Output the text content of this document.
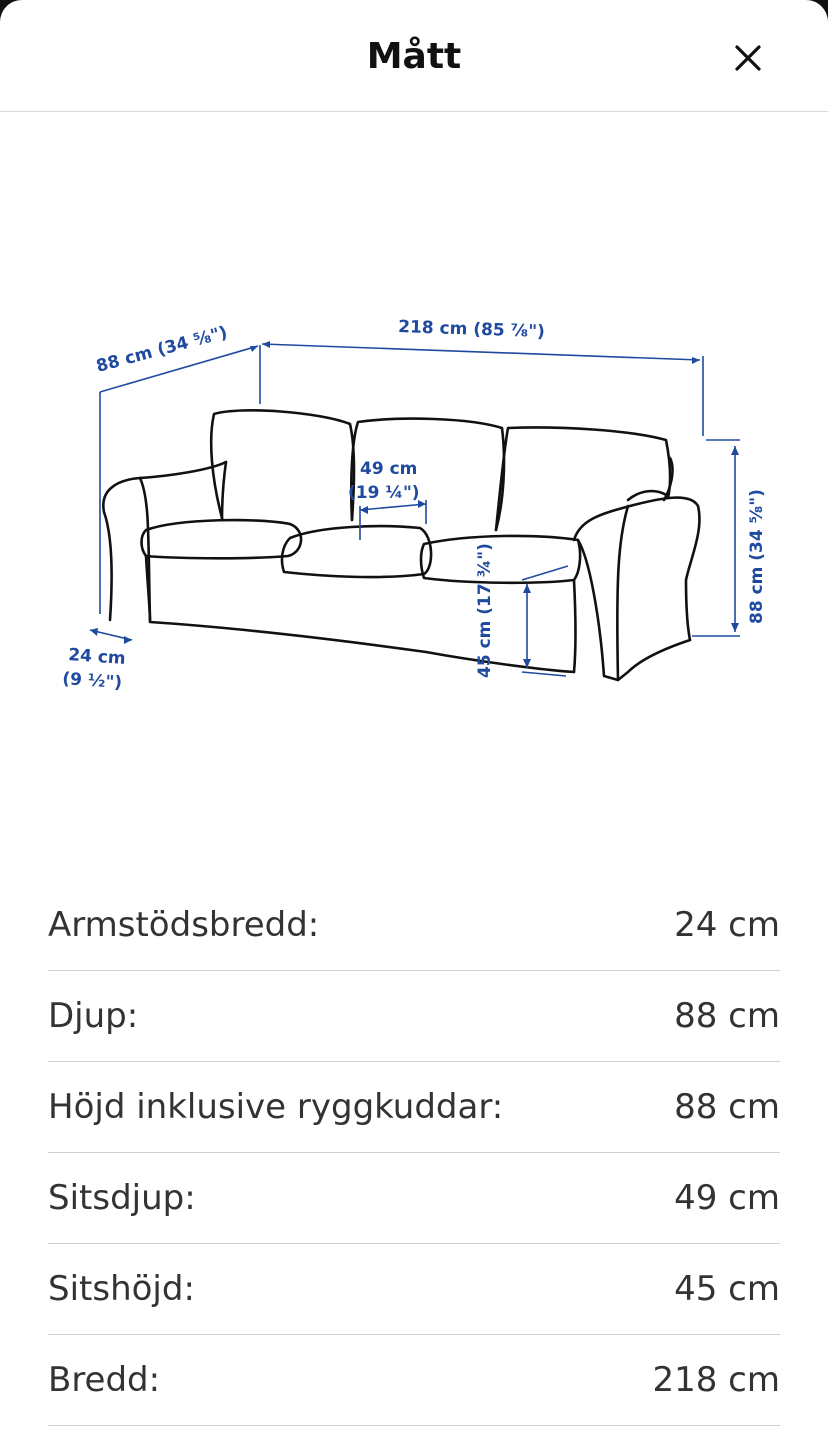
Mått
88 cm (34 ⅝")	218 cm (85 ⅞")
49 cm
(19 ¼")	88 cm (34 ⅝")
45 cm (17 ¾")
24 cm
(9 ½")
Armstödsbredd:	24 cm
Djup:	88 cm
Höjd inklusive ryggkuddar:	88 cm
Sitsdjup:	49 cm
Sitshöjd:	45 cm
Bredd:	218 cm
